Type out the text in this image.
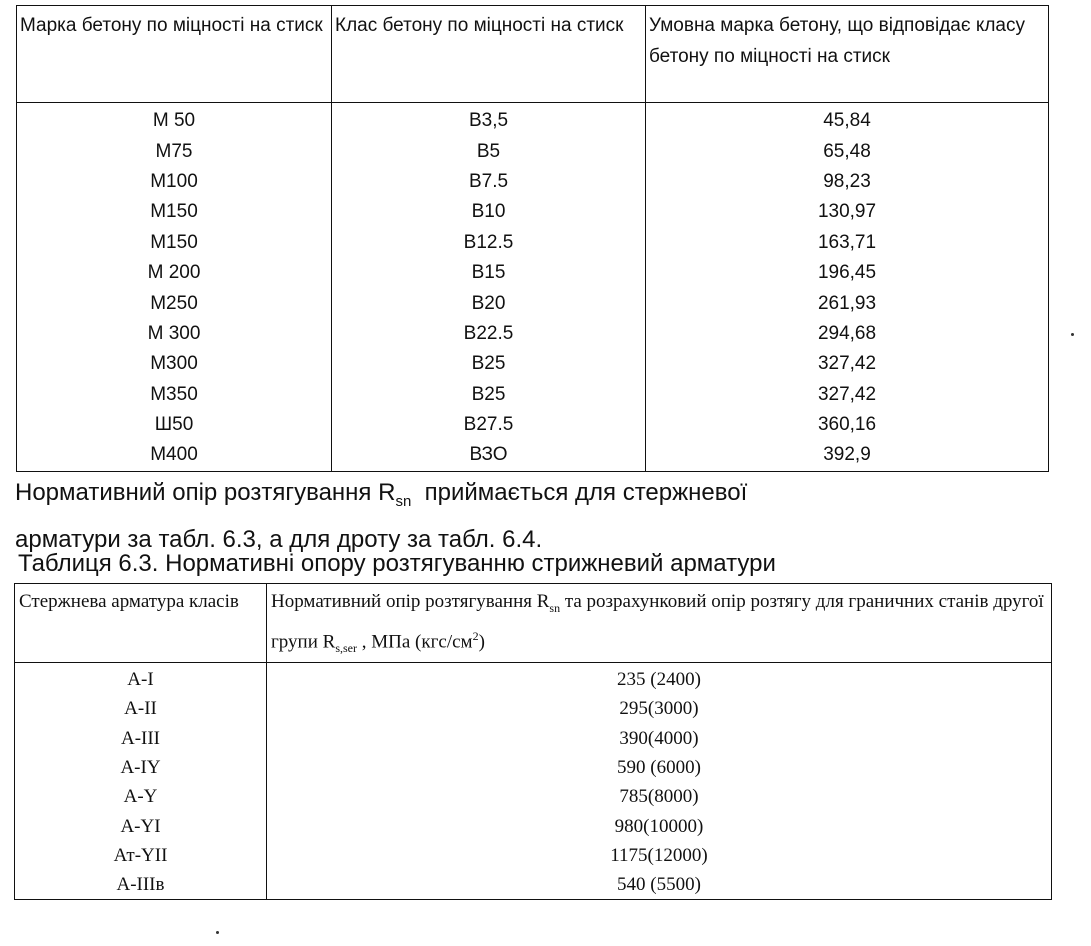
Марка бетону по міцності на стиск	Клас бетону по міцності на стиск	Умовна марка бетону, що відповідає класу бетону по міцності на стиск
М 50	В3,5	45,84
М75	В5	65,48
М100	В7.5	98,23
М150	В10	130,97
М150	В12.5	163,71
М 200	В15	196,45
М250	В20	261,93
М 300	В22.5	294,68
М300	В25	327,42
М350	В25	327,42
Ш50	В27.5	360,16
М400	ВЗО	392,9
Нормативний опір розтягування $R_{sn}$  приймається для стержневої
арматури за табл. 6.3, а для дроту за табл. 6.4.
Таблиця 6.3. Нормативні опору розтягуванню стрижневий арматури
Стержнева арматура класів	Нормативний опір розтягування $R_{sn}$ та розрахунковий опір розтягу для граничних станів другої групи $R_{s,ser}$ , МПа $(кгс/см^2)$
А-I	235 (2400)
А-II	295(3000)
А-III	390(4000)
А-IY	590 (6000)
А-Y	785(8000)
А-YI	980(10000)
Ат-YII	1175(12000)
А-IIIв	540 (5500)
